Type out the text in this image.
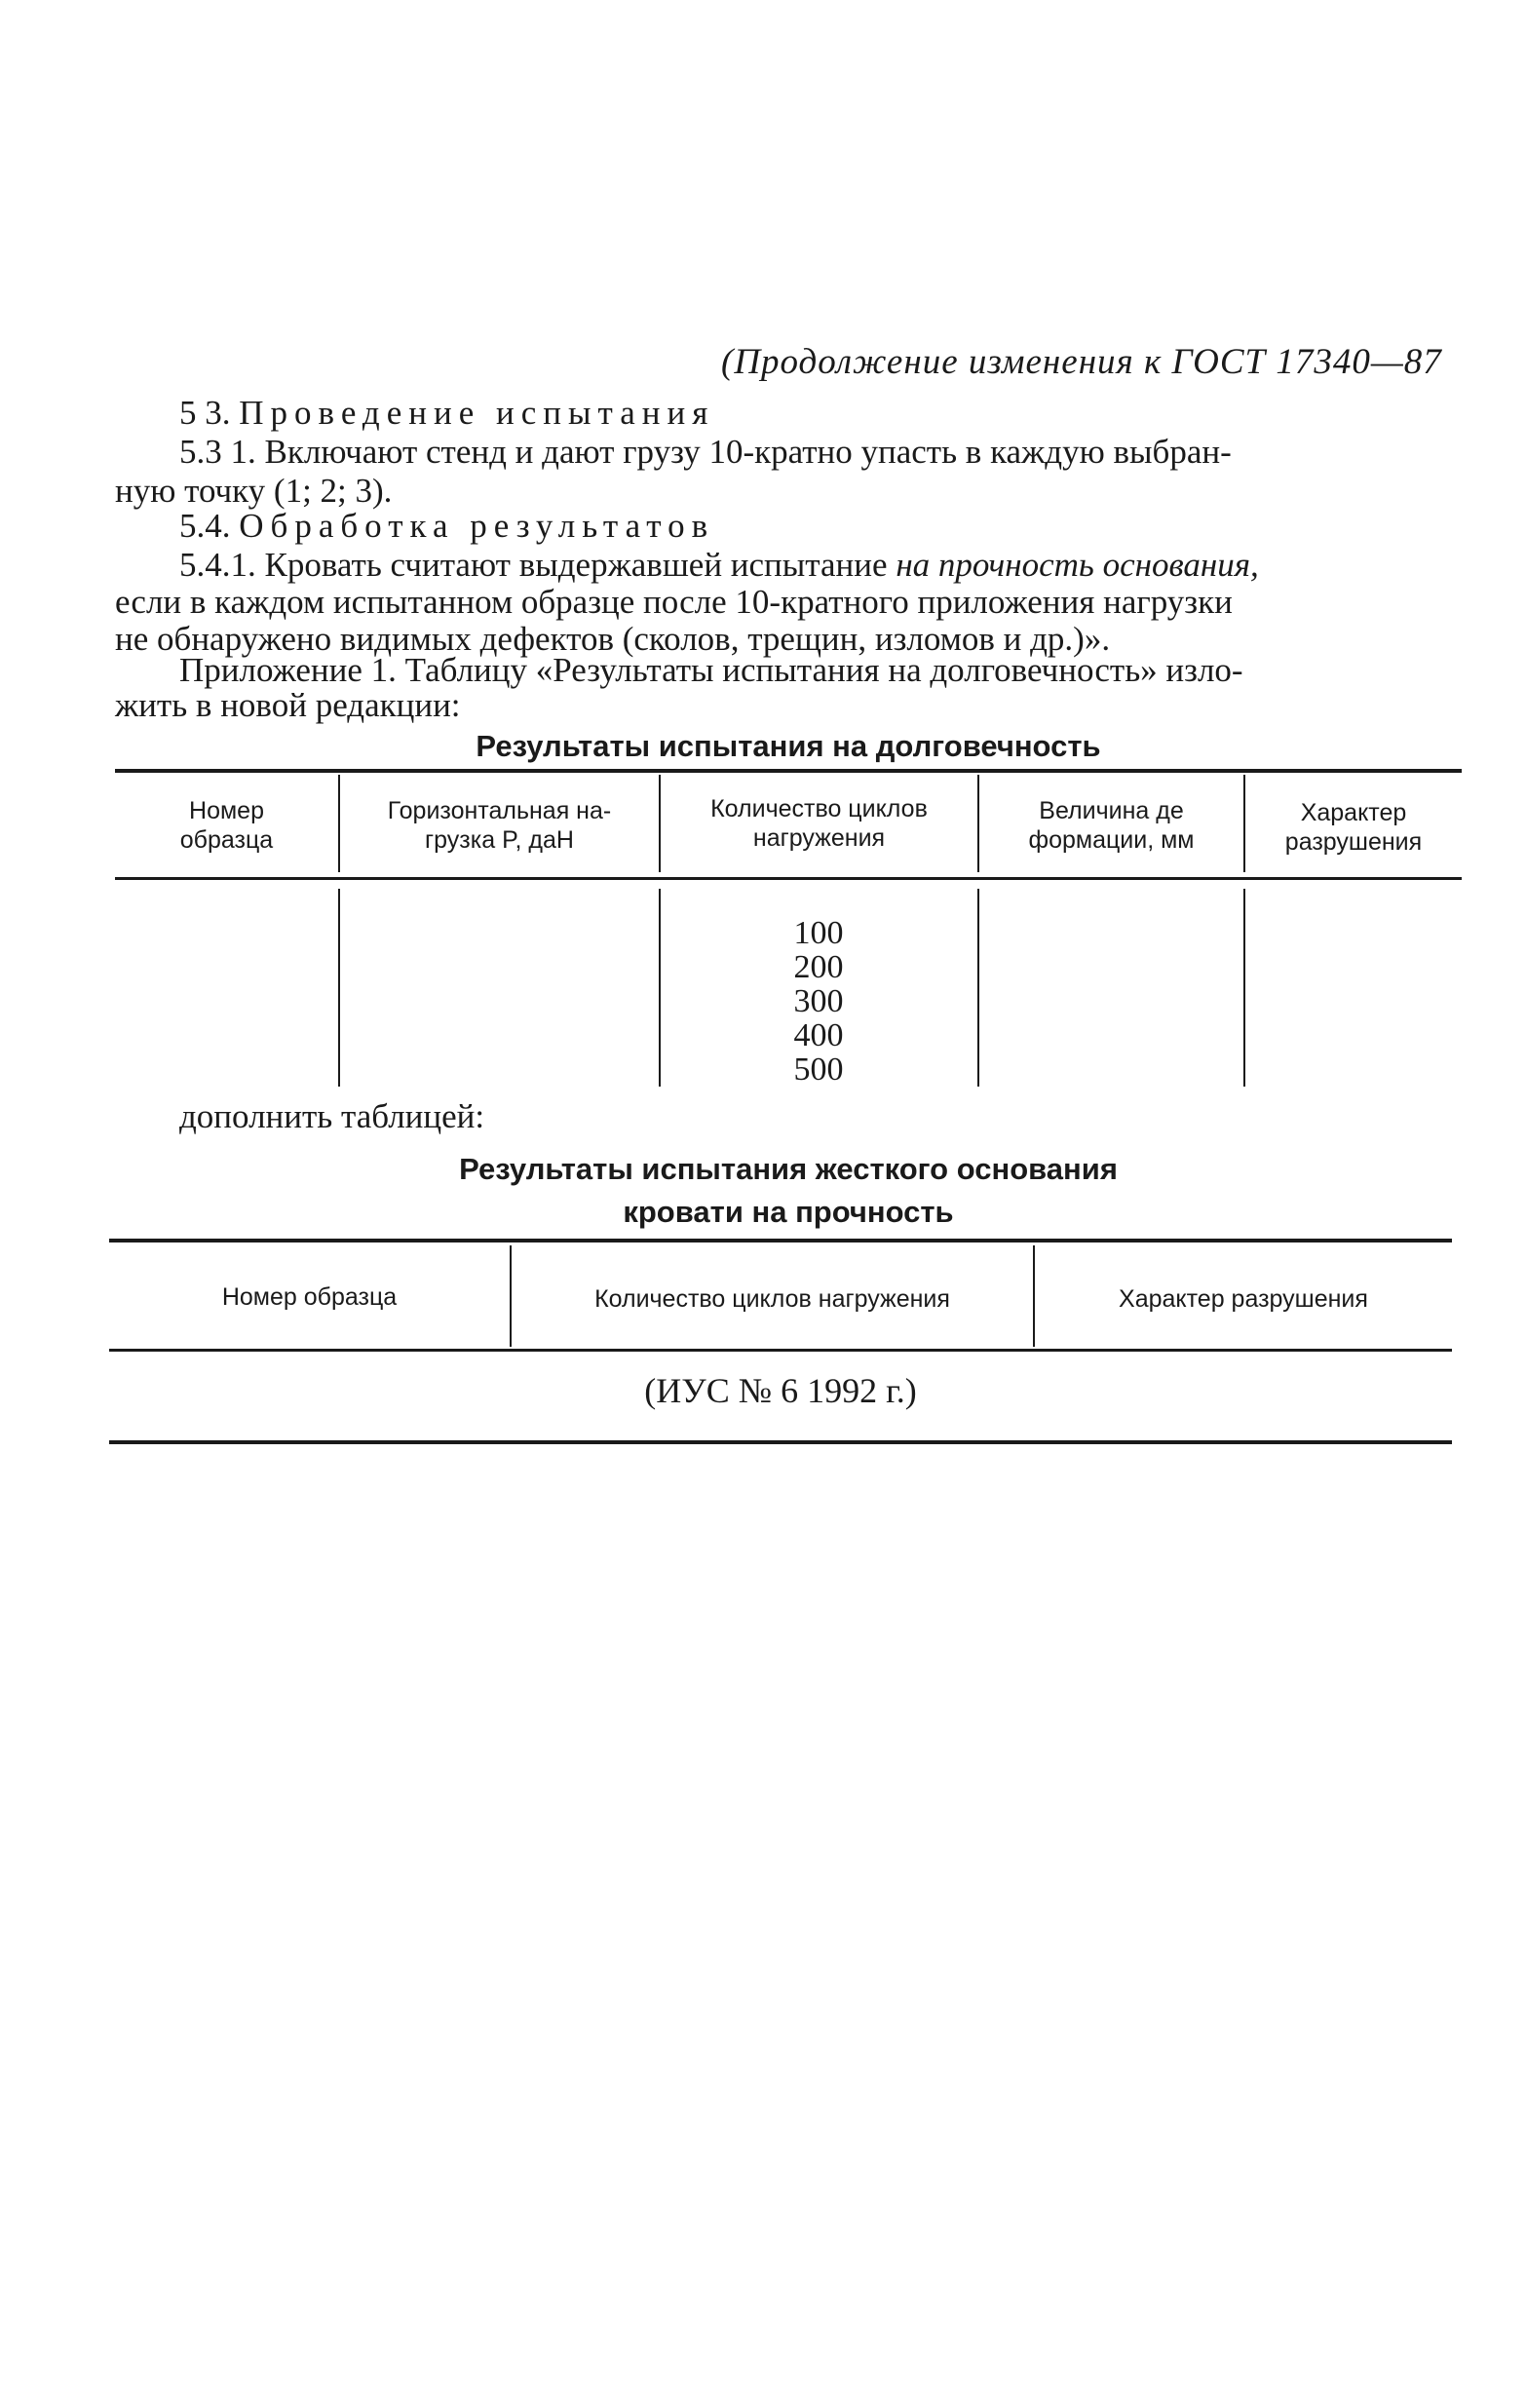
(Продолжение изменения к ГОСТ 17340—87
5 3. Проведение испытания
5.3 1. Включают стенд и дают грузу 10-кратно упасть в каждую выбран-
ную точку (1; 2; 3).
5.4. Обработка результатов
5.4.1. Кровать считают выдержавшей испытание на прочность основания,
если в каждом испытанном образце после 10-кратного приложения нагрузки
не обнаружено видимых дефектов (сколов, трещин, изломов и др.)».
Приложение 1. Таблицу «Результаты испытания на долговечность» изло-
жить в новой редакции:
Результаты испытания на долговечность
Номер
образца
Горизонтальная на-
грузка P, даН
Количество циклов
нагружения
Величина де
формации, мм
Характер
разрушения
100
200
300
400
500
дополнить таблицей:
Результаты испытания жесткого основания
кровати на прочность
Номер образца	Количество циклов нагружения	Характер разрушения
(ИУС № 6 1992 г.)
